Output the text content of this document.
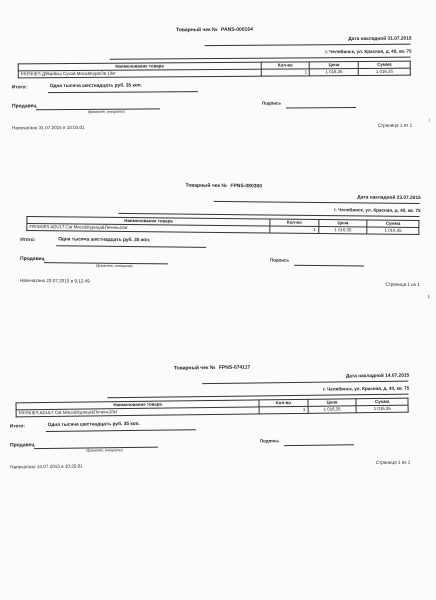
Товарный чек № PANS-000164
Дата накладной 31.07.2015
г. Челябинск, ул. Красная, д. 40, кв. 75
Наименование товара	Кол-во	Цена	Сумма
FRISKIES Д/Взрбсш Сухой Мясо&Кур&Ов 10кг	1	1 016,35	1 016,35
Итого:	Одна тысяча шестнадцать руб. 35 коп.
Продавец
(фамилия, инициалы)
Подпись
Напечатано 31.07.2015 в 10:04:01	Страница 1 из 1
Товарный чек № FPNS-080300
Дата накладной 23.07.2015
г. Челябинск, ул. Красная, д. 40, кв. 75
Наименование товара	Кол-во	Цена	Сумма
FRISKIES ADULT Cat Мясо&Курица&Печень10кг	1	1 016,35	1 016,35
Итого:	Одна тысяча шестнадцать руб. 35 коп.
Продавец
(фамилия, инициалы)
Подпись
Напечатано 23.07.2015 в 9:12:49
Страница 1 из 1
Товарный чек № FPNS-074117
Дата накладной 14.07.2015
г. Челябинск, ул. Красная, д. 40, кв. 75
Наименование товара	Кол-во	Цена	Сумма
FRISKIES ADULT Cat Мясо&Курица&Печень10кг	1	1 016,35	1 016,35
Итого:	Одна тысяча шестнадцать руб. 35 коп.
Продавец
(фамилия, инициалы)
Подпись
Напечатано 14.07.2015 в 10:25:01
Страница 1 из 1
/
1
